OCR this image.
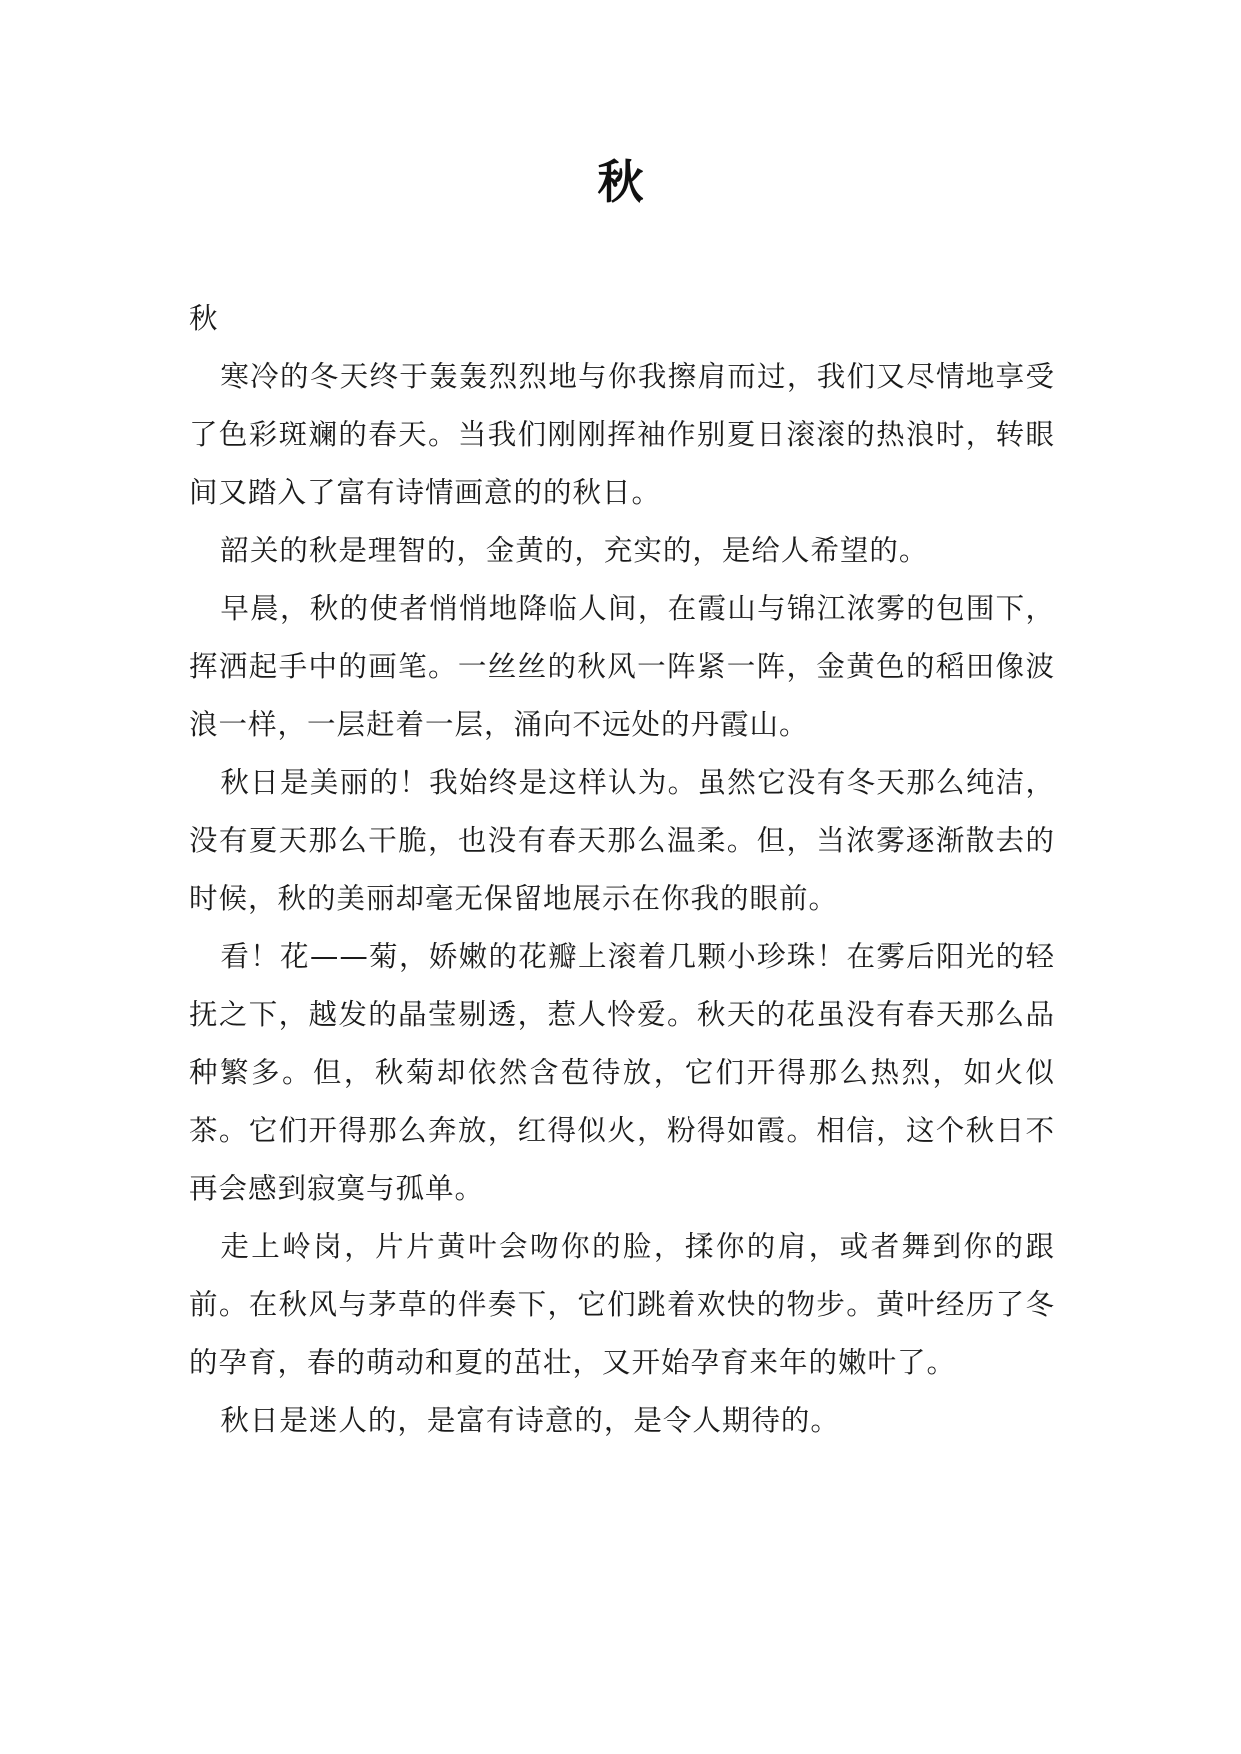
秋

秋

寒冷的冬天终于轰轰烈烈地与你我擦肩而过，我们又尽情地享受了色彩斑斓的春天。当我们刚刚挥袖作别夏日滚滚的热浪时，转眼间又踏入了富有诗情画意的的秋日。

韶关的秋是理智的，金黄的，充实的，是给人希望的。

早晨，秋的使者悄悄地降临人间，在霞山与锦江浓雾的包围下，挥洒起手中的画笔。一丝丝的秋风一阵紧一阵，金黄色的稻田像波浪一样，一层赶着一层，涌向不远处的丹霞山。

秋日是美丽的！我始终是这样认为。虽然它没有冬天那么纯洁，没有夏天那么干脆，也没有春天那么温柔。但，当浓雾逐渐散去的时候，秋的美丽却毫无保留地展示在你我的眼前。

看！花——菊，娇嫩的花瓣上滚着几颗小珍珠！在雾后阳光的轻抚之下，越发的晶莹剔透，惹人怜爱。秋天的花虽没有春天那么品种繁多。但，秋菊却依然含苞待放，它们开得那么热烈，如火似茶。它们开得那么奔放，红得似火，粉得如霞。相信，这个秋日不再会感到寂寞与孤单。

走上岭岗，片片黄叶会吻你的脸，揉你的肩，或者舞到你的跟前。在秋风与茅草的伴奏下，它们跳着欢快的物步。黄叶经历了冬的孕育，春的萌动和夏的茁壮，又开始孕育来年的嫩叶了。

秋日是迷人的，是富有诗意的，是令人期待的。
